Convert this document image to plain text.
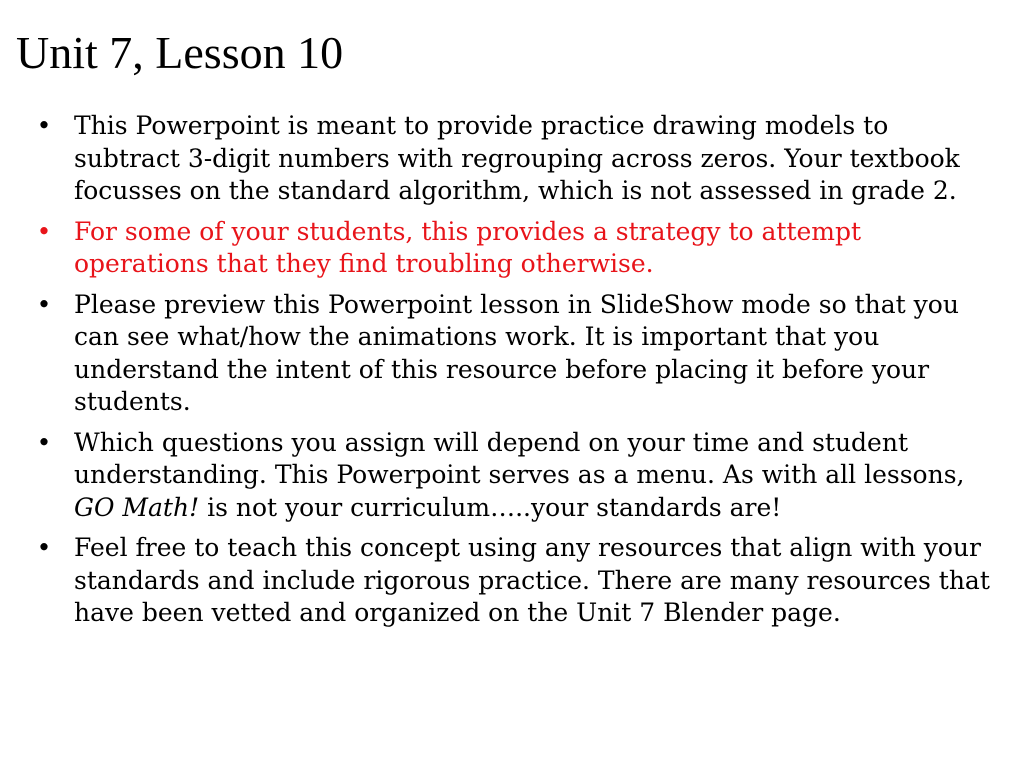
Unit 7, Lesson 10
• This Powerpoint is meant to provide practice drawing models to subtract 3-digit numbers with regrouping across zeros. Your textbook focusses on the standard algorithm, which is not assessed in grade 2.
• For some of your students, this provides a strategy to attempt operations that they find troubling otherwise.
• Please preview this Powerpoint lesson in SlideShow mode so that you can see what/how the animations work. It is important that you understand the intent of this resource before placing it before your students.
• Which questions you assign will depend on your time and student understanding. This Powerpoint serves as a menu. As with all lessons, GO Math! is not your curriculum…..your standards are!
• Feel free to teach this concept using any resources that align with your standards and include rigorous practice. There are many resources that have been vetted and organized on the Unit 7 Blender page.
